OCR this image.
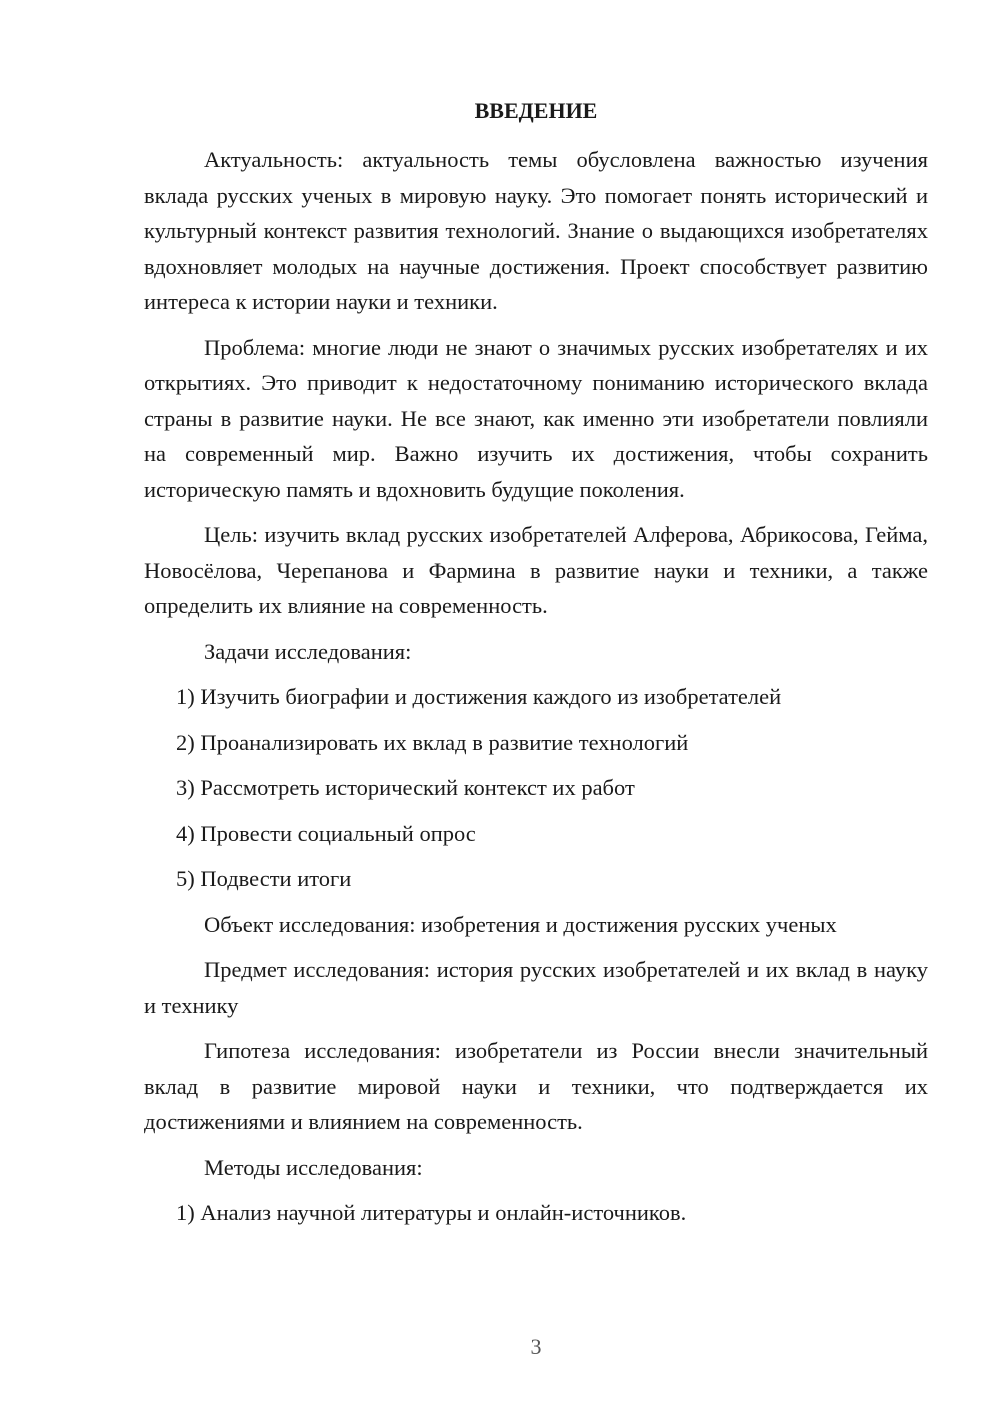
ВВЕДЕНИЕ

Актуальность: актуальность темы обусловлена важностью изучения вклада русских ученых в мировую науку. Это помогает понять исторический и культурный контекст развития технологий. Знание о выдающихся изобретателях вдохновляет молодых на научные достижения. Проект способствует развитию интереса к истории науки и техники.

Проблема: многие люди не знают о значимых русских изобретателях и их открытиях. Это приводит к недостаточному пониманию исторического вклада страны в развитие науки. Не все знают, как именно эти изобретатели повлияли на современный мир. Важно изучить их достижения, чтобы сохранить историческую память и вдохновить будущие поколения.

Цель: изучить вклад русских изобретателей Алферова, Абрикосова, Гейма, Новосёлова, Черепанова и Фармина в развитие науки и техники, а также определить их влияние на современность.

Задачи исследования:

1) Изучить биографии и достижения каждого из изобретателей

2) Проанализировать их вклад в развитие технологий

3) Рассмотреть исторический контекст их работ

4) Провести социальный опрос

5) Подвести итоги

Объект исследования: изобретения и достижения русских ученых

Предмет исследования: история русских изобретателей и их вклад в науку и технику

Гипотеза исследования: изобретатели из России внесли значительный вклад в развитие мировой науки и техники, что подтверждается их достижениями и влиянием на современность.

Методы исследования:

1) Анализ научной литературы и онлайн-источников.

3
